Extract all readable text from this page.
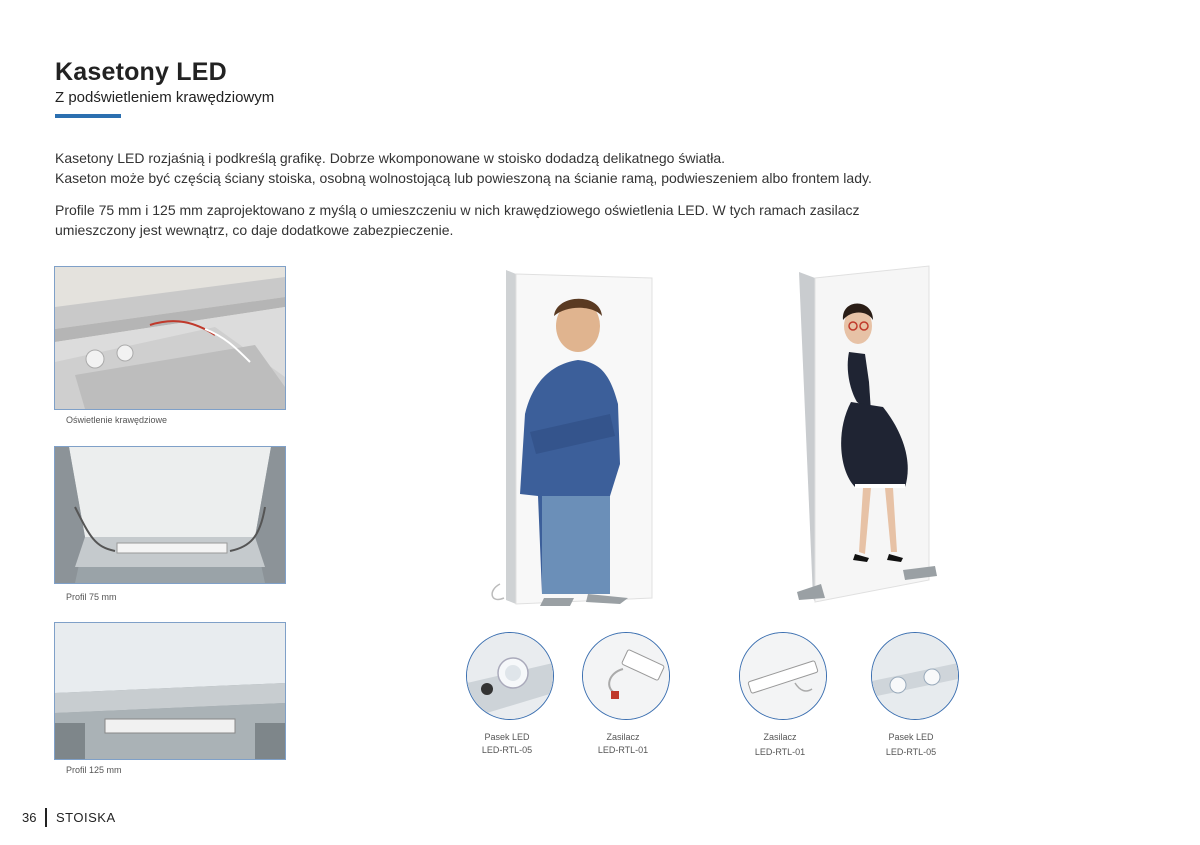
Kasetony LED
Z podświetleniem krawędziowym
Kasetony LED rozjaśnią i podkreślą grafikę. Dobrze wkomponowane w stoisko dodadzą delikatnego światła.
Kaseton może być częścią ściany stoiska, osobną wolnostojącą lub powieszoną na ścianie ramą, podwieszeniem albo frontem lady.
Profile 75 mm i 125 mm zaprojektowano z myślą o umieszczeniu w nich krawędziowego oświetlenia LED. W tych ramach zasilacz
umieszczony jest wewnątrz, co daje dodatkowe zabezpieczenie.
Oświetlenie krawędziowe
Profil 75 mm
Profil 125 mm
Pasek LED
LED-RTL-05
Zasilacz
LED-RTL-01
Zasilacz
LED-RTL-01
Pasek LED
LED-RTL-05
36 STOISKA
